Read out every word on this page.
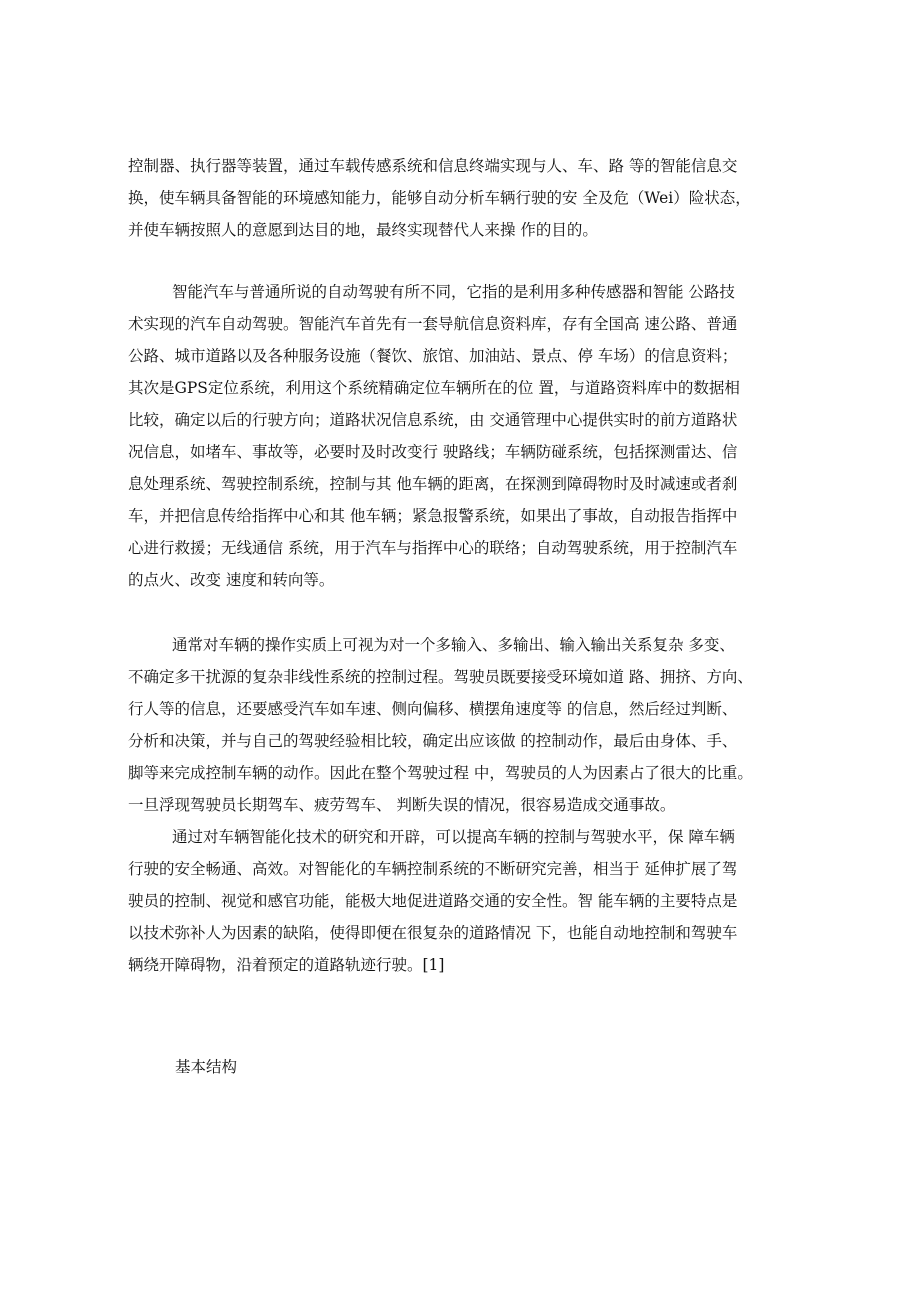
控制器、执行器等装置，通过车载传感系统和信息终端实现与人、车、路 等的智能信息交
换，使车辆具备智能的环境感知能力，能够自动分析车辆行驶的安 全及危（Wei）险状态，
并使车辆按照人的意愿到达目的地，最终实现替代人来操 作的目的。

智能汽车与普通所说的自动驾驶有所不同，它指的是利用多种传感器和智能 公路技
术实现的汽车自动驾驶。智能汽车首先有一套导航信息资料库，存有全国高 速公路、普通
公路、城市道路以及各种服务设施（餐饮、旅馆、加油站、景点、停 车场）的信息资料；
其次是GPS定位系统，利用这个系统精确定位车辆所在的位 置，与道路资料库中的数据相
比较，确定以后的行驶方向；道路状况信息系统，由 交通管理中心提供实时的前方道路状
况信息，如堵车、事故等，必要时及时改变行 驶路线；车辆防碰系统，包括探测雷达、信
息处理系统、驾驶控制系统，控制与其 他车辆的距离，在探测到障碍物时及时减速或者刹
车，并把信息传给指挥中心和其 他车辆；紧急报警系统，如果出了事故，自动报告指挥中
心进行救援；无线通信 系统，用于汽车与指挥中心的联络；自动驾驶系统，用于控制汽车
的点火、改变 速度和转向等。

通常对车辆的操作实质上可视为对一个多输入、多输出、输入输出关系复杂 多变、
不确定多干扰源的复杂非线性系统的控制过程。驾驶员既要接受环境如道 路、拥挤、方向、
行人等的信息，还要感受汽车如车速、侧向偏移、横摆角速度等 的信息，然后经过判断、
分析和决策，并与自己的驾驶经验相比较，确定出应该做 的控制动作，最后由身体、手、
脚等来完成控制车辆的动作。因此在整个驾驶过程 中，驾驶员的人为因素占了很大的比重。
一旦浮现驾驶员长期驾车、疲劳驾车、 判断失误的情况，很容易造成交通事故。

通过对车辆智能化技术的研究和开辟，可以提高车辆的控制与驾驶水平，保 障车辆
行驶的安全畅通、高效。对智能化的车辆控制系统的不断研究完善，相当于 延伸扩展了驾
驶员的控制、视觉和感官功能，能极大地促进道路交通的安全性。智 能车辆的主要特点是
以技术弥补人为因素的缺陷，使得即便在很复杂的道路情况 下，也能自动地控制和驾驶车
辆绕开障碍物，沿着预定的道路轨迹行驶。[1]

基本结构
